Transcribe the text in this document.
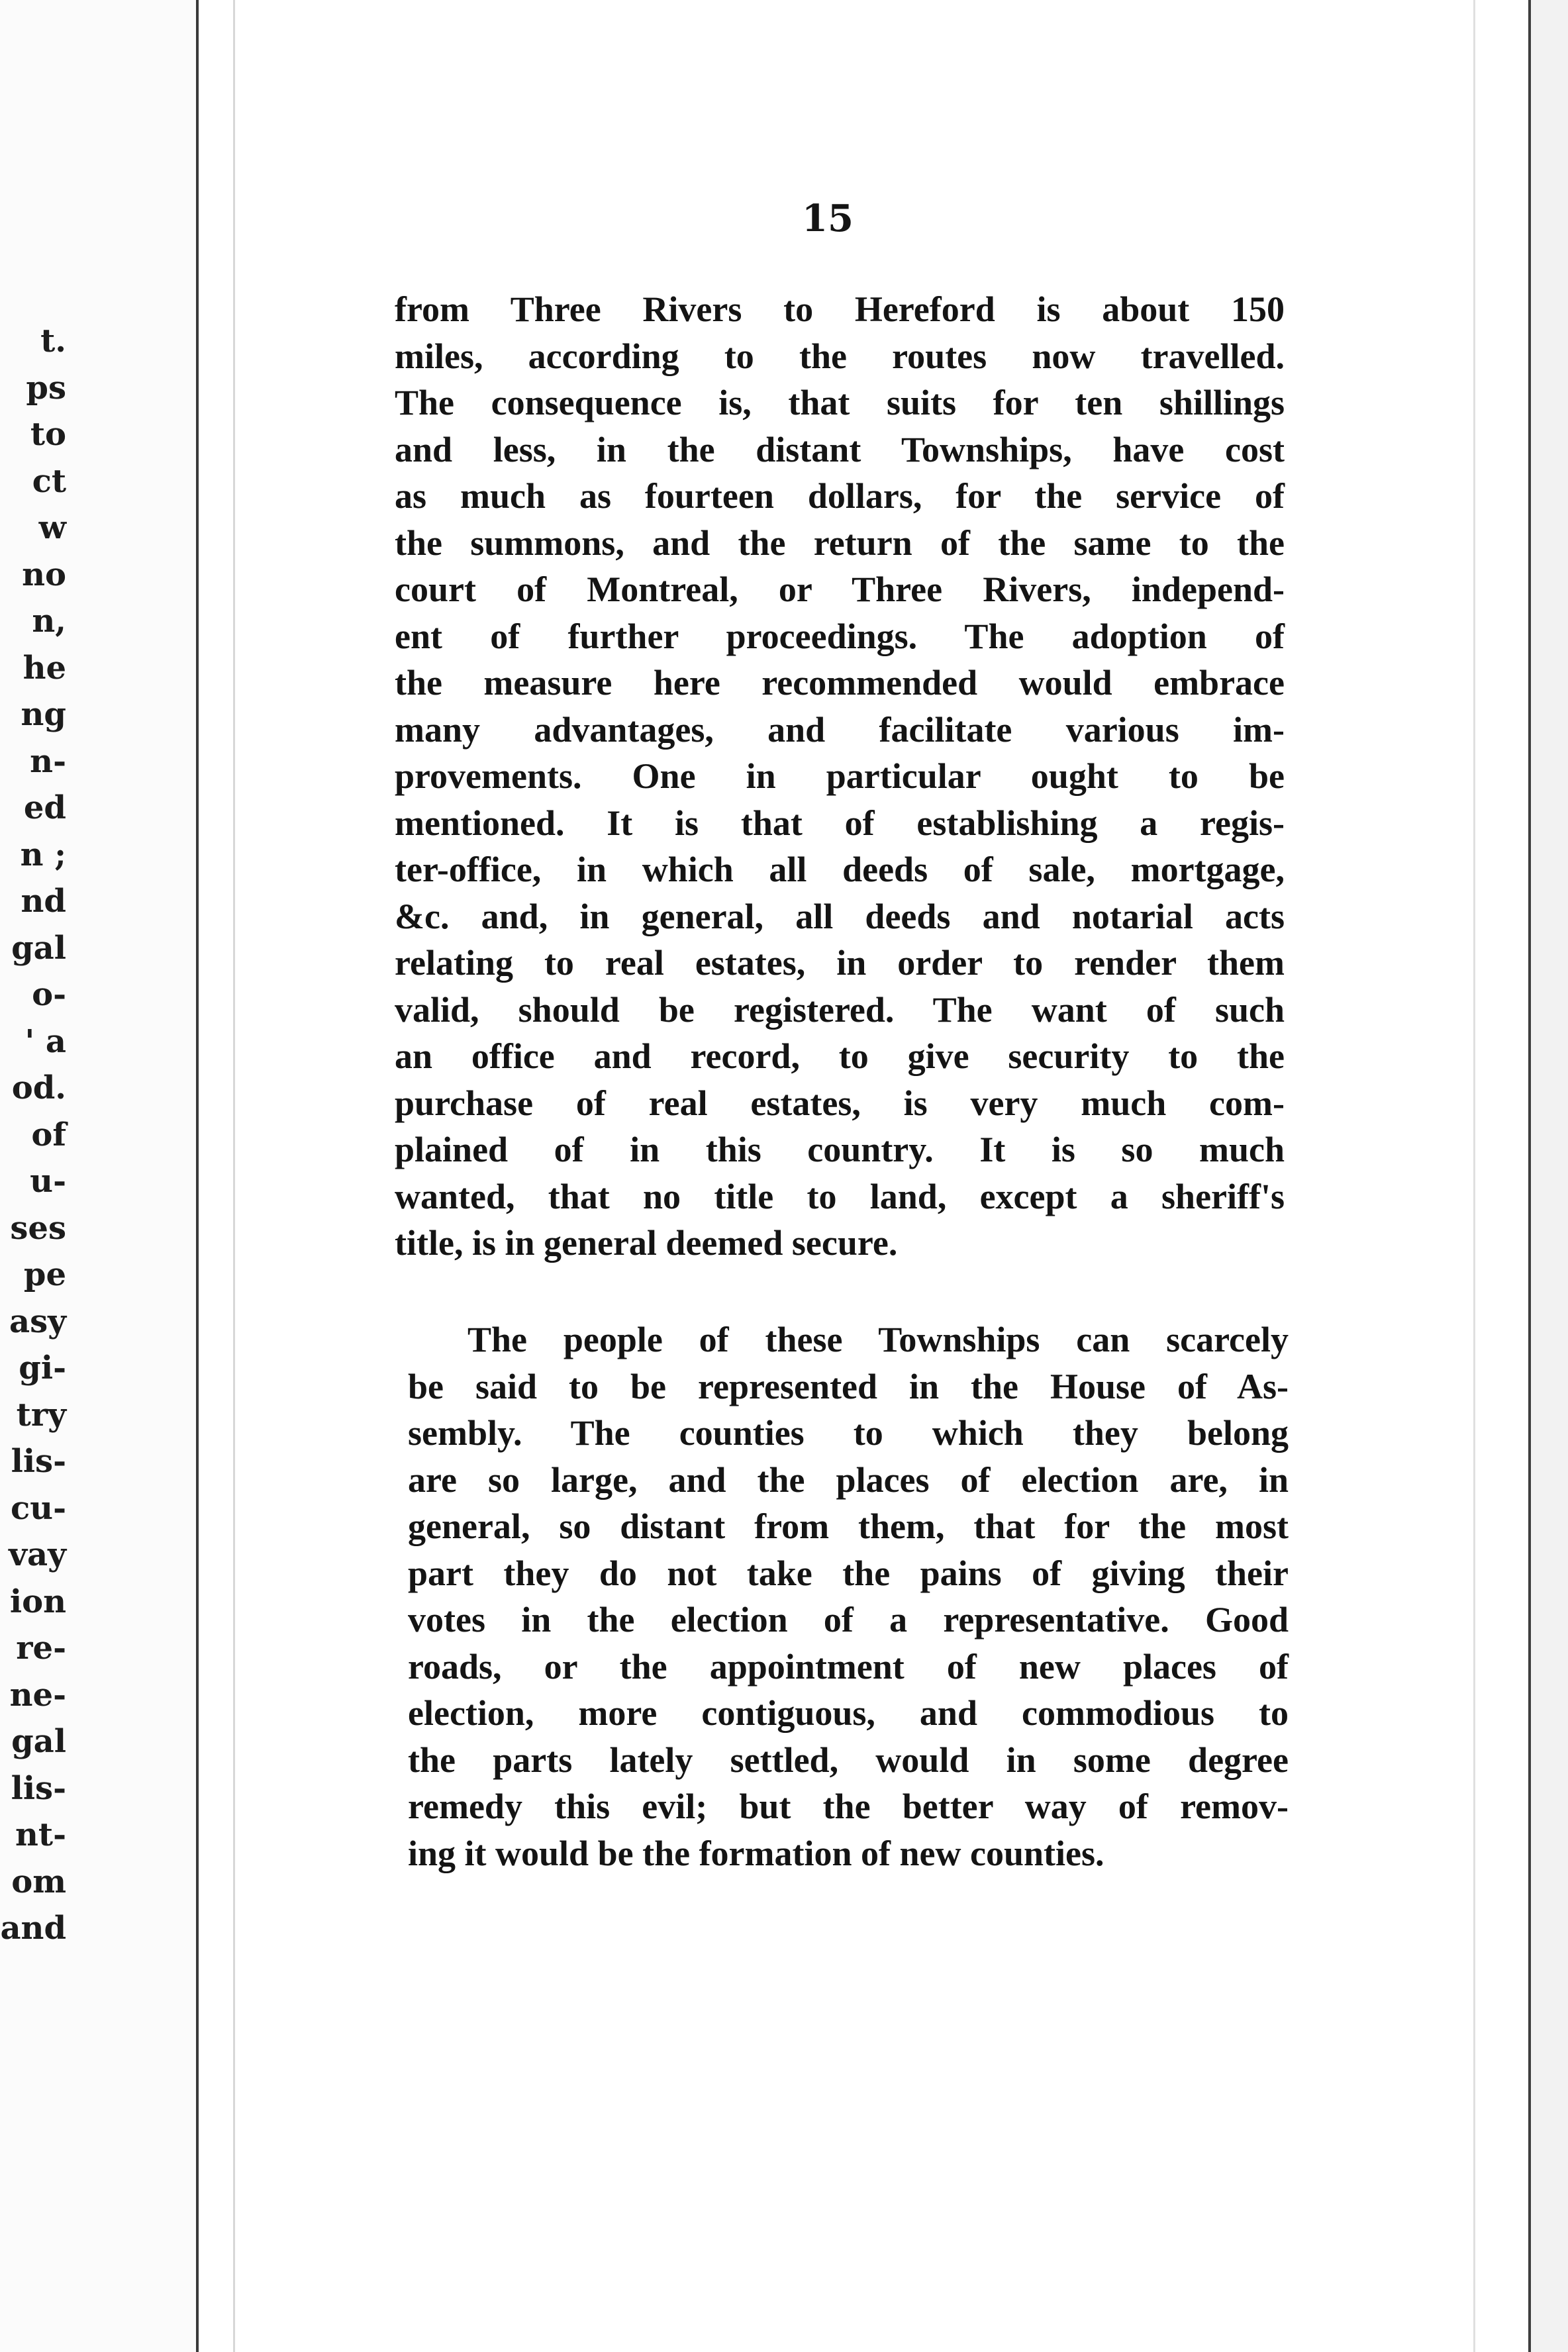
t.
ps
to
ct
w
no
n,
he
ng
n-
ed
n ;
nd
gal
o-
' a
od.
of
u-
ses
pe
asy
gi-
try
lis-
cu-
vay
ion
re-
ne-
gal
lis-
nt-
om
and
15
from Three Rivers to Hereford is about 150
miles, according to the routes now travelled.
The consequence is, that suits for ten shillings
and less, in the distant Townships, have cost
as much as fourteen dollars, for the service of
the summons, and the return of the same to the
court of Montreal, or Three Rivers, independ-
ent of further proceedings. The adoption of
the measure here recommended would embrace
many advantages, and facilitate various im-
provements. One in particular ought to be
mentioned. It is that of establishing a regis-
ter-office, in which all deeds of sale, mortgage,
&c. and, in general, all deeds and notarial acts
relating to real estates, in order to render them
valid, should be registered. The want of such
an office and record, to give security to the
purchase of real estates, is very much com-
plained of in this country. It is so much
wanted, that no title to land, except a sheriff's
title, is in general deemed secure.
The people of these Townships can scarcely
be said to be represented in the House of As-
sembly. The counties to which they belong
are so large, and the places of election are, in
general, so distant from them, that for the most
part they do not take the pains of giving their
votes in the election of a representative. Good
roads, or the appointment of new places of
election, more contiguous, and commodious to
the parts lately settled, would in some degree
remedy this evil; but the better way of remov-
ing it would be the formation of new counties.
